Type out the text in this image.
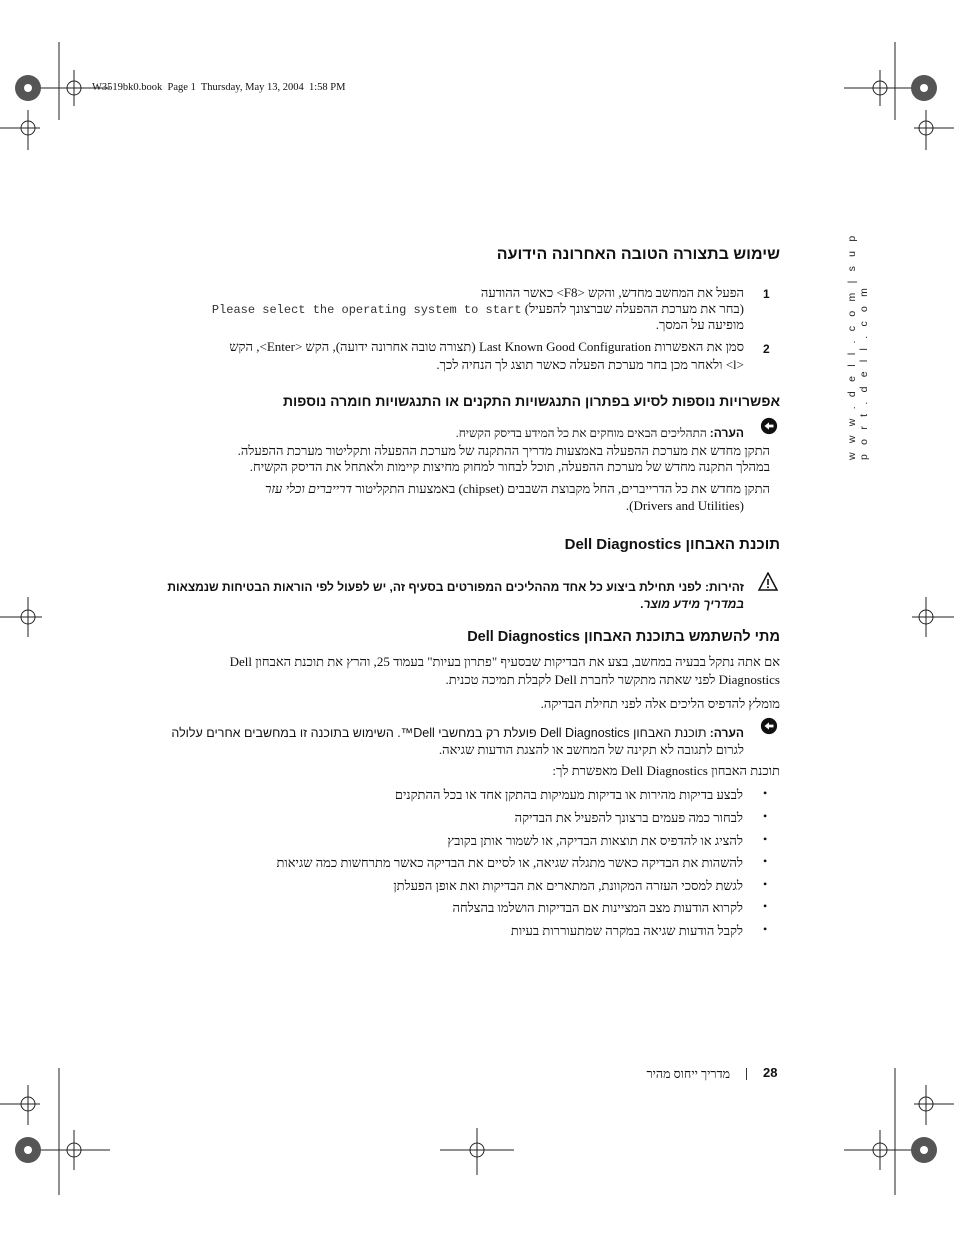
W3519bk0.book  Page 1  Thursday, May 13, 2004  1:58 PM
w w w . d e l l . c o m | s u p p o r t . d e l l . c o m
שימוש בתצורה הטובה האחרונה הידועה
1
הפעל את המחשב מחדש, והקש <F8> כאשר ההודעה
(בחר את מערכת ההפעלה שברצונך להפעיל) Please select the operating system to start
מופיעה על המסך.
2
סמן את האפשרות Last Known Good Configuration (תצורה טובה אחרונה ידועה), הקש <Enter>, הקש
<l> ולאחר מכן בחר מערכת הפעלה כאשר תוצג לך הנחיה לכך.
אפשרויות נוספות לסיוע בפתרון התנגשויות התקנים או התנגשויות חומרה נוספות
הערה: התהליכים הבאים מוחקים את כל המידע בדיסק הקשיח.
התקן מחדש את מערכת ההפעלה באמצעות מדריך ההתקנה של מערכת ההפעלה ותקליטור מערכת ההפעלה.
במהלך התקנה מחדש של מערכת ההפעלה, תוכל לבחור למחוק מחיצות קיימות ולאתחל את הדיסק הקשיח.
התקן מחדש את כל הדרייברים, החל מקבוצת השבבים (chipset) באמצעות התקליטור דרייברים וכלי עזר
(Drivers and Utilities).
תוכנת האבחון Dell Diagnostics
זהירות: לפני תחילת ביצוע כל אחד מההליכים המפורטים בסעיף זה, יש לפעול לפי הוראות הבטיחות שנמצאות
במדריך מידע מוצר.
מתי להשתמש בתוכנת האבחון Dell Diagnostics
אם אתה נתקל בבעיה במחשב, בצע את הבדיקות שבסעיף "פתרון בעיות" בעמוד 25, והרץ את תוכנת האבחון Dell
Diagnostics לפני שאתה מתקשר לחברת Dell לקבלת תמיכה טכנית.
מומלץ להדפיס הליכים אלה לפני תחילת הבדיקה.
הערה: תוכנת האבחון Dell Diagnostics פועלת רק במחשבי Dell™. השימוש בתוכנה זו במחשבים אחרים עלולה
לגרום לתגובה לא תקינה של המחשב או להצגת הודעות שגיאה.
תוכנת האבחון Dell Diagnostics מאפשרת לך:
•
לבצע בדיקות מהירות או בדיקות מעמיקות בהתקן אחד או בכל ההתקנים
•
לבחור כמה פעמים ברצונך להפעיל את הבדיקה
•
להציג או להדפיס את תוצאות הבדיקה, או לשמור אותן בקובץ
•
להשהות את הבדיקה כאשר מתגלה שגיאה, או לסיים את הבדיקה כאשר מתרחשות כמה שגיאות
•
לגשת למסכי העזרה המקוונת, המתארים את הבדיקות ואת אופן הפעלתן
•
לקרוא הודעות מצב המציינות אם הבדיקות הושלמו בהצלחה
•
לקבל הודעות שגיאה במקרה שמתעוררות בעיות
28
מדריך ייחוס מהיר
